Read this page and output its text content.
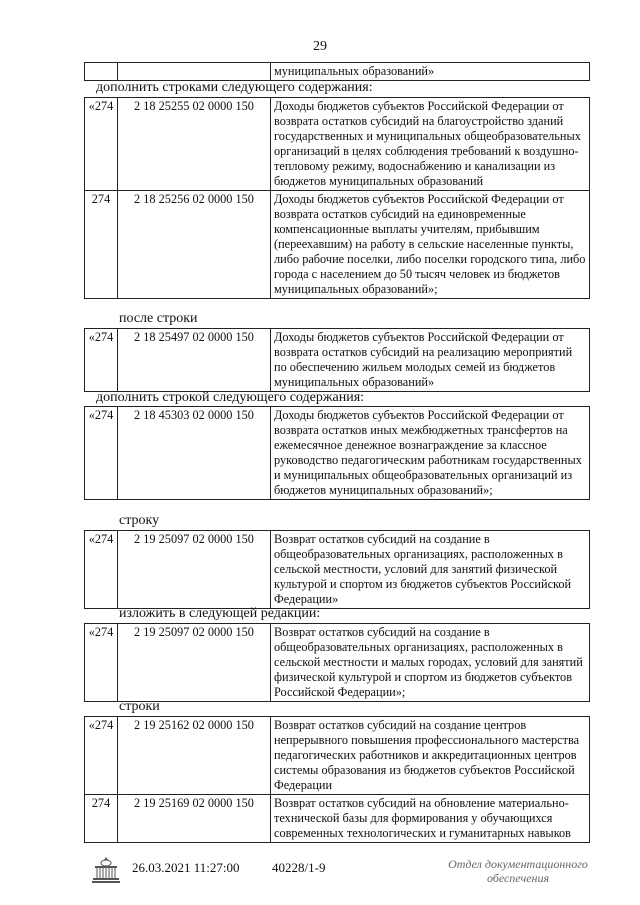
29
		муниципальных образований»
дополнить строками следующего содержания:
«274	2 18 25255 02 0000 150	Доходы бюджетов субъектов Российской Федерации от возврата остатков субсидий на благоустройство зданий государственных и муниципальных общеобразовательных организаций в целях соблюдения требований к воздушно-тепловому режиму, водоснабжению и канализации из бюджетов муниципальных образований
274	2 18 25256 02 0000 150	Доходы бюджетов субъектов Российской Федерации от возврата остатков субсидий на единовременные компенсационные выплаты учителям, прибывшим (переехавшим) на работу в сельские населенные пункты, либо рабочие поселки, либо поселки городского типа, либо города с населением до 50 тысяч человек из бюджетов муниципальных образований»;
после строки
«274	2 18 25497 02 0000 150	Доходы бюджетов субъектов Российской Федерации от возврата остатков субсидий на реализацию мероприятий по обеспечению жильем молодых семей из бюджетов муниципальных образований»
дополнить строкой следующего содержания:
«274	2 18 45303 02 0000 150	Доходы бюджетов субъектов Российской Федерации от возврата остатков иных межбюджетных трансфертов на ежемесячное денежное вознаграждение за классное руководство педагогическим работникам государственных и муниципальных общеобразовательных организаций из бюджетов муниципальных образований»;
строку
«274	2 19 25097 02 0000 150	Возврат остатков субсидий на создание в общеобразовательных организациях, расположенных в сельской местности, условий для занятий физической культурой и спортом из бюджетов субъектов Российской Федерации»
изложить в следующей редакции:
«274	2 19 25097 02 0000 150	Возврат остатков субсидий на создание в общеобразовательных организациях, расположенных в сельской местности и малых городах, условий для занятий физической культурой и спортом из бюджетов субъектов Российской Федерации»;
строки
«274	2 19 25162 02 0000 150	Возврат остатков субсидий на создание центров непрерывного повышения профессионального мастерства педагогических работников и аккредитационных центров системы образования из бюджетов субъектов Российской Федерации
274	2 19 25169 02 0000 150	Возврат остатков субсидий на обновление материально-технической базы для формирования у обучающихся современных технологических и гуманитарных навыков
26.03.2021 11:27:00	40228/1-9	Отдел документационного
обеспечения
